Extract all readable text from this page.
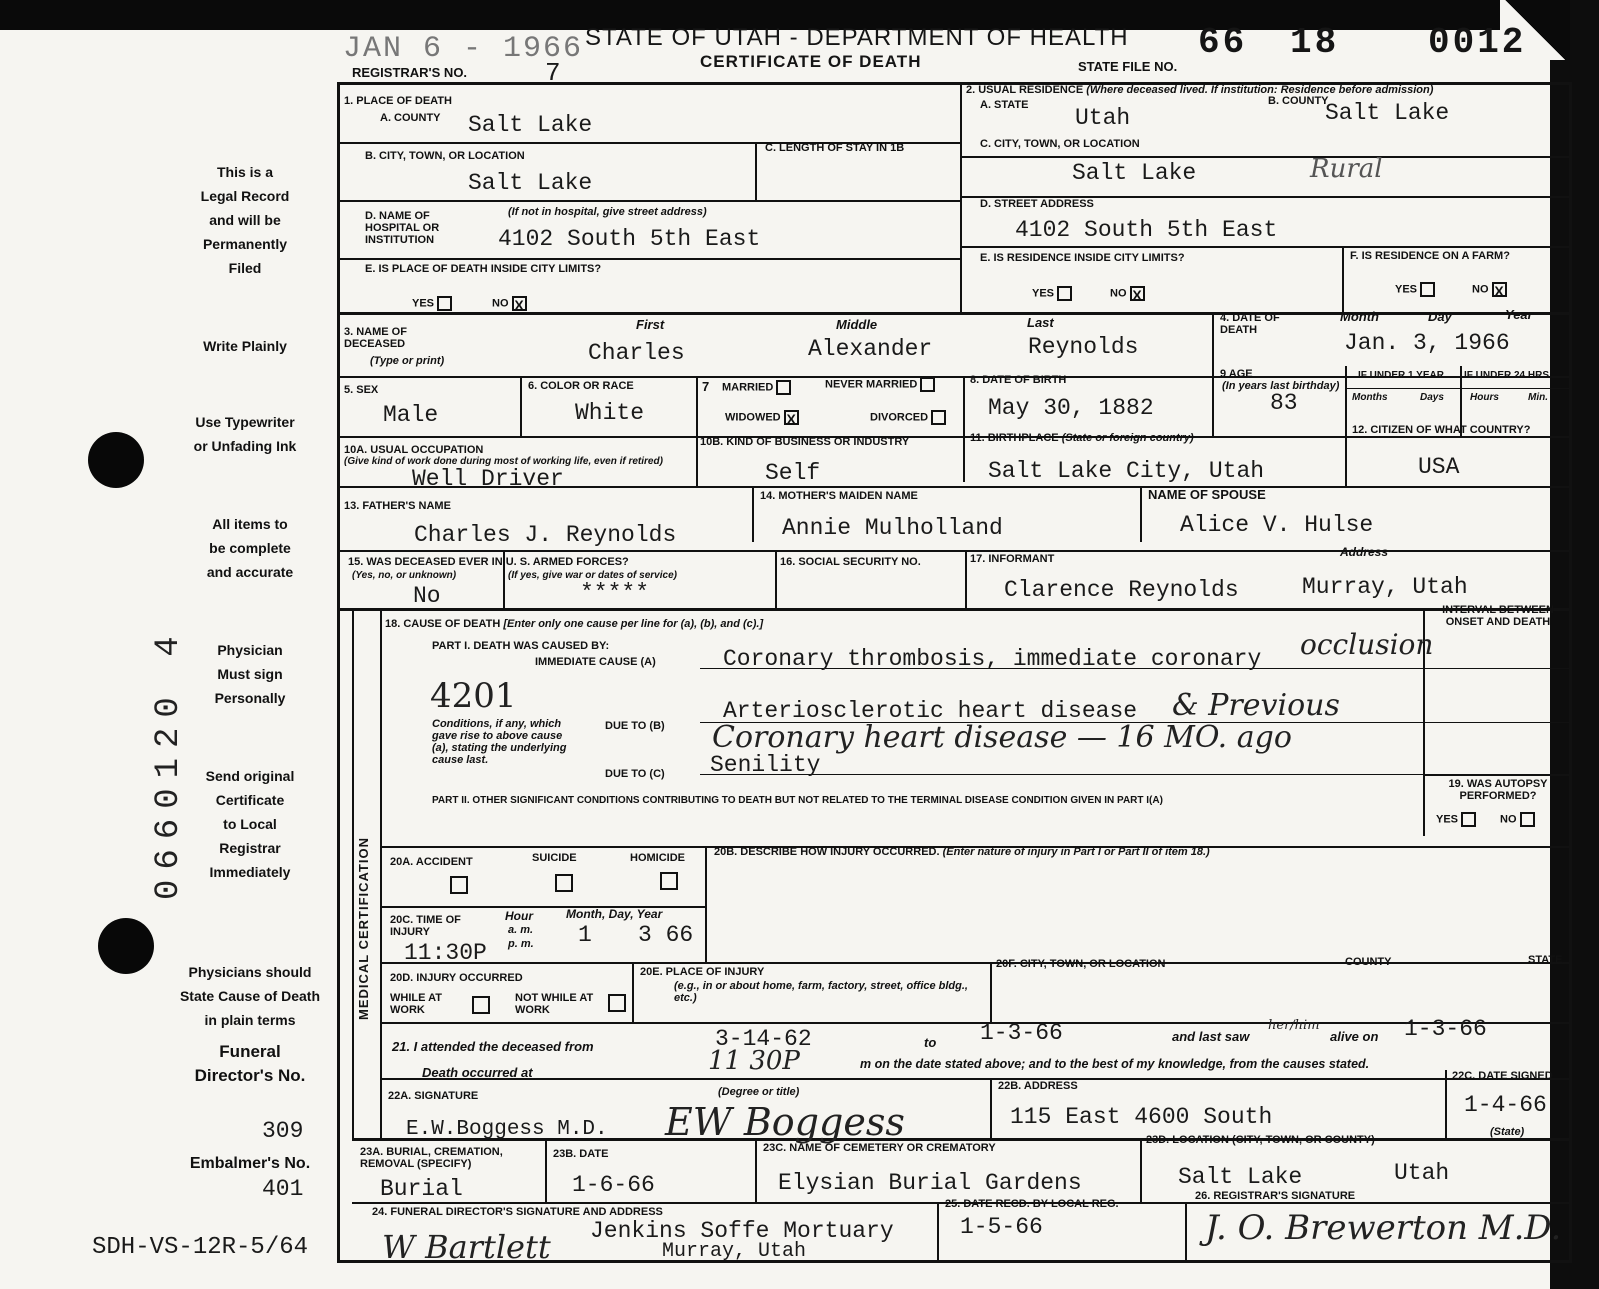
JAN 6 - 1966 STATE OF UTAH - DEPARTMENT OF HEALTH
CERTIFICATE OF DEATH
REGISTRAR'S NO.	7	STATE FILE NO.
66 18 0012
This is a
Legal Record
and will be
Permanently
Filed
Write Plainly
Use Typewriter
or Unfading Ink
All items to
be complete
and accurate
Physician
Must sign
Personally
Send original
Certificate
to Local
Registrar
Immediately
Physicians should
State Cause of Death
in plain terms
Funeral
Director's No.
309
Embalmer's No.
401
SDH-VS-12R-5/64
0660120 4
1. PLACE OF DEATH
A. COUNTY Salt Lake
B. CITY, TOWN, OR LOCATION
Salt Lake
C. LENGTH OF STAY IN 1B
D. NAME OF HOSPITAL OR INSTITUTION
(If not in hospital, give street address)
4102 South 5th East
E. IS PLACE OF DEATH INSIDE CITY LIMITS?
YES	NO X
2. USUAL RESIDENCE (Where deceased lived. If institution: Residence before admission)
A. STATE Utah
B. COUNTY
Salt Lake
C. CITY, TOWN, OR LOCATION
Salt Lake	Rural
D. STREET ADDRESS
4102 South 5th East
E. IS RESIDENCE INSIDE CITY LIMITS?
YES	NO X
F. IS RESIDENCE ON A FARM?
YES	NO X
3. NAME OF DECEASED
(Type or print)
First	Middle	Last
Charles	Alexander	Reynolds
4. DATE OF DEATH
Month	Day	Year
Jan. 3, 1966
5. SEX
Male
6. COLOR OR RACE
White
7 MARRIED	NEVER MARRIED
WIDOWED X	DIVORCED
8. DATE OF BIRTH
May 30, 1882
9 AGE
(In years last birthday)
83
IF UNDER 1 YEAR IF UNDER 24 HRS.
Months	Days	Hours	Min.
10A. USUAL OCCUPATION
(Give kind of work done during most of working life, even if retired)
Well Driver
10B. KIND OF BUSINESS OR INDUSTRY
Self
11. BIRTHPLACE (State or foreign country)
Salt Lake City, Utah
12. CITIZEN OF WHAT COUNTRY?
USA
13. FATHER'S NAME
Charles J. Reynolds
14. MOTHER'S MAIDEN NAME
Annie Mulholland
NAME OF SPOUSE
Alice V. Hulse
15. WAS DECEASED EVER IN U. S. ARMED FORCES?
(Yes, no, or unknown)	(If yes, give war or dates of service)
No	*****
16. SOCIAL SECURITY NO.	17. INFORMANT	Address
Clarence Reynolds	Murray, Utah
MEDICAL CERTIFICATION
18. CAUSE OF DEATH [Enter only one cause per line for (a), (b), and (c).]
PART I. DEATH WAS CAUSED BY:
IMMEDIATE CAUSE (A)	Coronary thrombosis, immediate coronary occlusion
4201
Conditions, if any, which gave rise to above cause (a), stating the underlying cause last.
DUE TO (B)
Arteriosclerotic heart disease & Previous
Coronary heart disease — 16 MO. ago
DUE TO (C) Senility
INTERVAL BETWEEN ONSET AND DEATH
PART II. OTHER SIGNIFICANT CONDITIONS CONTRIBUTING TO DEATH BUT NOT RELATED TO THE TERMINAL DISEASE CONDITION GIVEN IN PART I(A)
19. WAS AUTOPSY PERFORMED?
YES	NO
20A. ACCIDENT	SUICIDE	HOMICIDE	20B. DESCRIBE HOW INJURY OCCURRED. (Enter nature of injury in Part I or Part II of item 18.)
20C. TIME OF INJURY
Hour
a. m.
p. m.
Month, Day, Year
11:30P
1 3 66
20D. INJURY OCCURRED
WHILE AT WORK
NOT WHILE AT WORK
20E. PLACE OF INJURY
(e.g., in or about home, farm, factory, street, office bldg., etc.)
20F. CITY, TOWN, OR LOCATION	COUNTY	STATE
21. I attended the deceased from	3-14-62	to 1-3-66	and last saw
her/him
alive on 1-3-66
Death occurred at	11 30P	m on the date stated above; and to the best of my knowledge, from the causes stated.
22A. SIGNATURE	(Degree or title)
E.W.Boggess M.D. EW Boggess
22B. ADDRESS
115 East 4600 South
22C. DATE SIGNED
1-4-66
(State)
23A. BURIAL, CREMATION, REMOVAL (SPECIFY)
Burial
23B. DATE
1-6-66
23C. NAME OF CEMETERY OR CREMATORY
Elysian Burial Gardens
23D. LOCATION (CITY, TOWN, OR COUNTY)
Salt Lake	Utah
24. FUNERAL DIRECTOR'S SIGNATURE AND ADDRESS
Jenkins Soffe Mortuary
Murray, Utah
W Bartlett
25. DATE RECD. BY LOCAL REG.
1-5-66
26. REGISTRAR'S SIGNATURE
J. O. Brewerton M.D.
